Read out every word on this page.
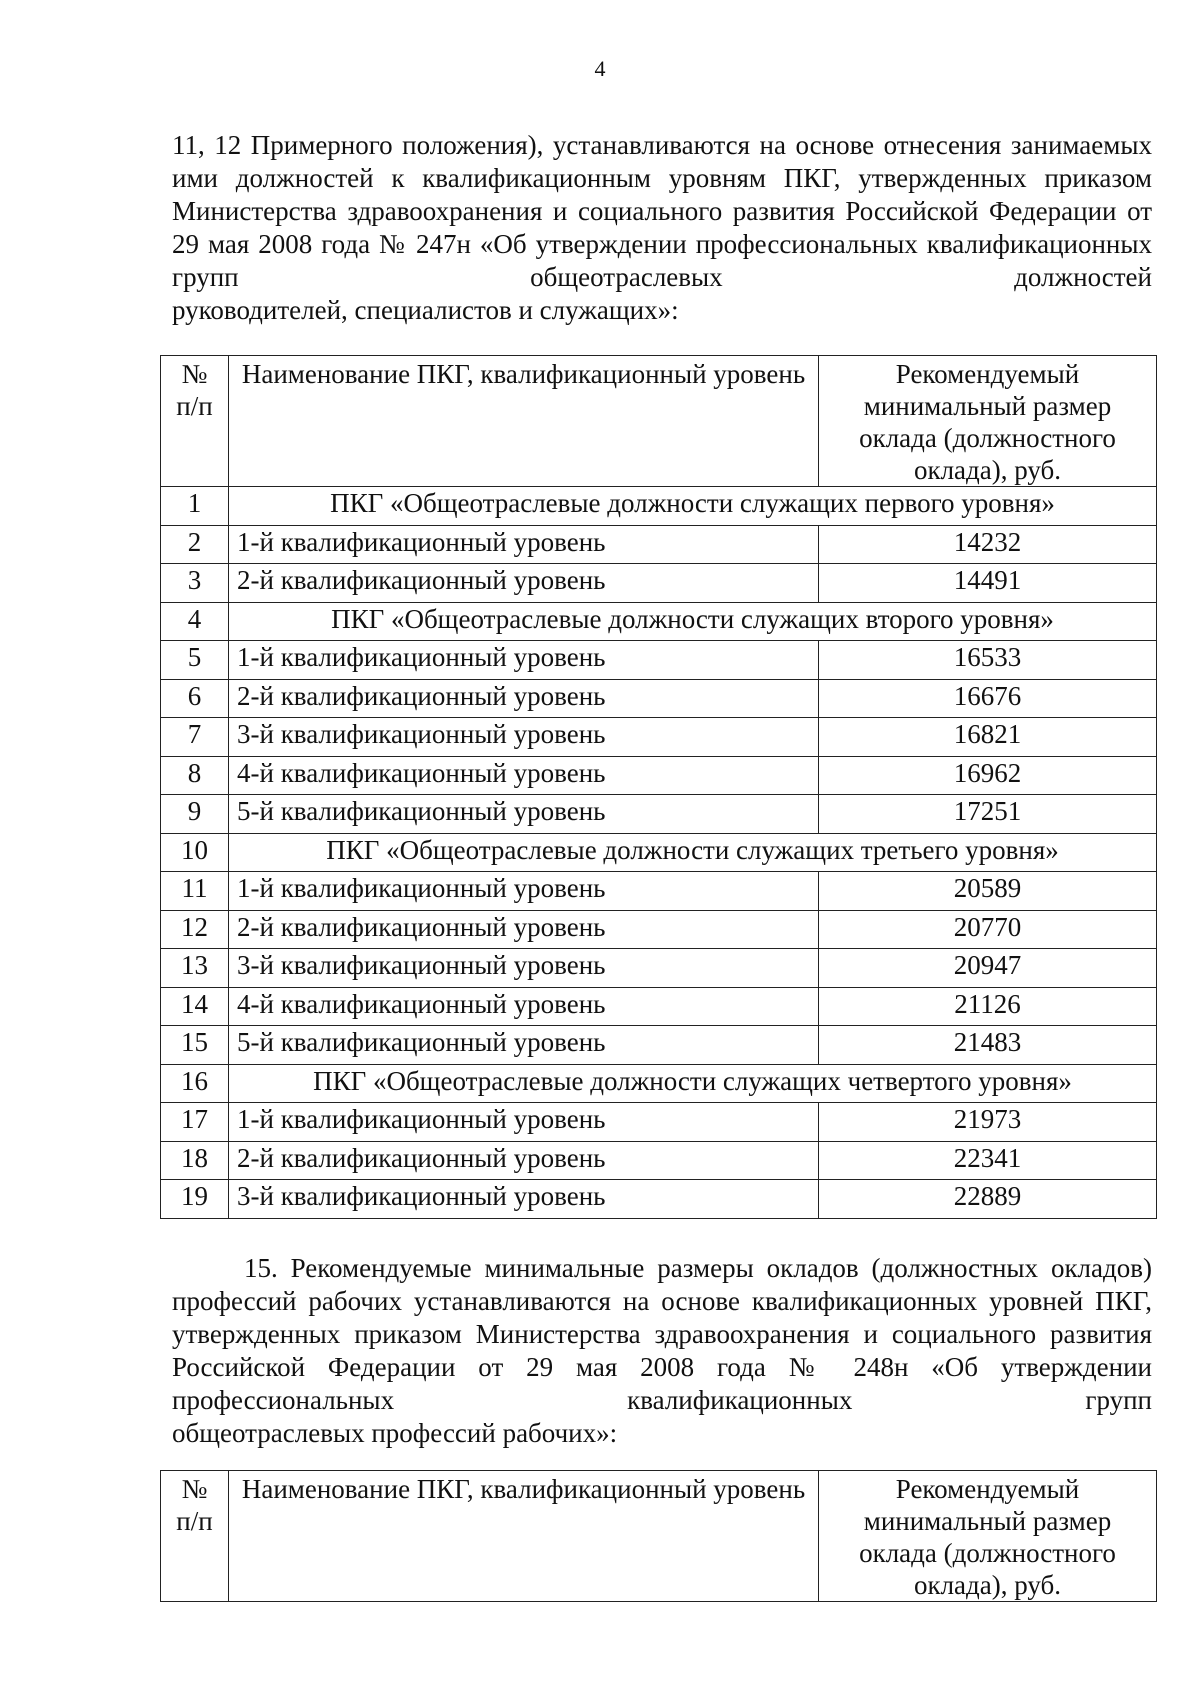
4
11, 12 Примерного положения), устанавливаются на основе отнесения занимаемых ими должностей к квалификационным уровням ПКГ, утвержденных приказом Министерства здравоохранения и социального развития Российской Федерации от 29 мая 2008 года № 247н «Об утверждении профессиональных квалификационных групп общеотраслевых должностей
руководителей, специалистов и служащих»:
№ п/п	Наименование ПКГ, квалификационный уровень	Рекомендуемый минимальный размер оклада (должностного оклада), руб.
1	ПКГ «Общеотраслевые должности служащих первого уровня»	
2	1-й квалификационный уровень	14232
3	2-й квалификационный уровень	14491
4	ПКГ «Общеотраслевые должности служащих второго уровня»	
5	1-й квалификационный уровень	16533
6	2-й квалификационный уровень	16676
7	3-й квалификационный уровень	16821
8	4-й квалификационный уровень	16962
9	5-й квалификационный уровень	17251
10	ПКГ «Общеотраслевые должности служащих третьего уровня»	
11	1-й квалификационный уровень	20589
12	2-й квалификационный уровень	20770
13	3-й квалификационный уровень	20947
14	4-й квалификационный уровень	21126
15	5-й квалификационный уровень	21483
16	ПКГ «Общеотраслевые должности служащих четвертого уровня»	
17	1-й квалификационный уровень	21973
18	2-й квалификационный уровень	22341
19	3-й квалификационный уровень	22889
15. Рекомендуемые минимальные размеры окладов (должностных окладов) профессий рабочих устанавливаются на основе квалификационных уровней ПКГ, утвержденных приказом Министерства здравоохранения и социального развития Российской Федерации от 29 мая 2008 года № 248н «Об утверждении профессиональных квалификационных групп
общеотраслевых профессий рабочих»:
№ п/п	Наименование ПКГ, квалификационный уровень	Рекомендуемый минимальный размер оклада (должностного оклада), руб.
